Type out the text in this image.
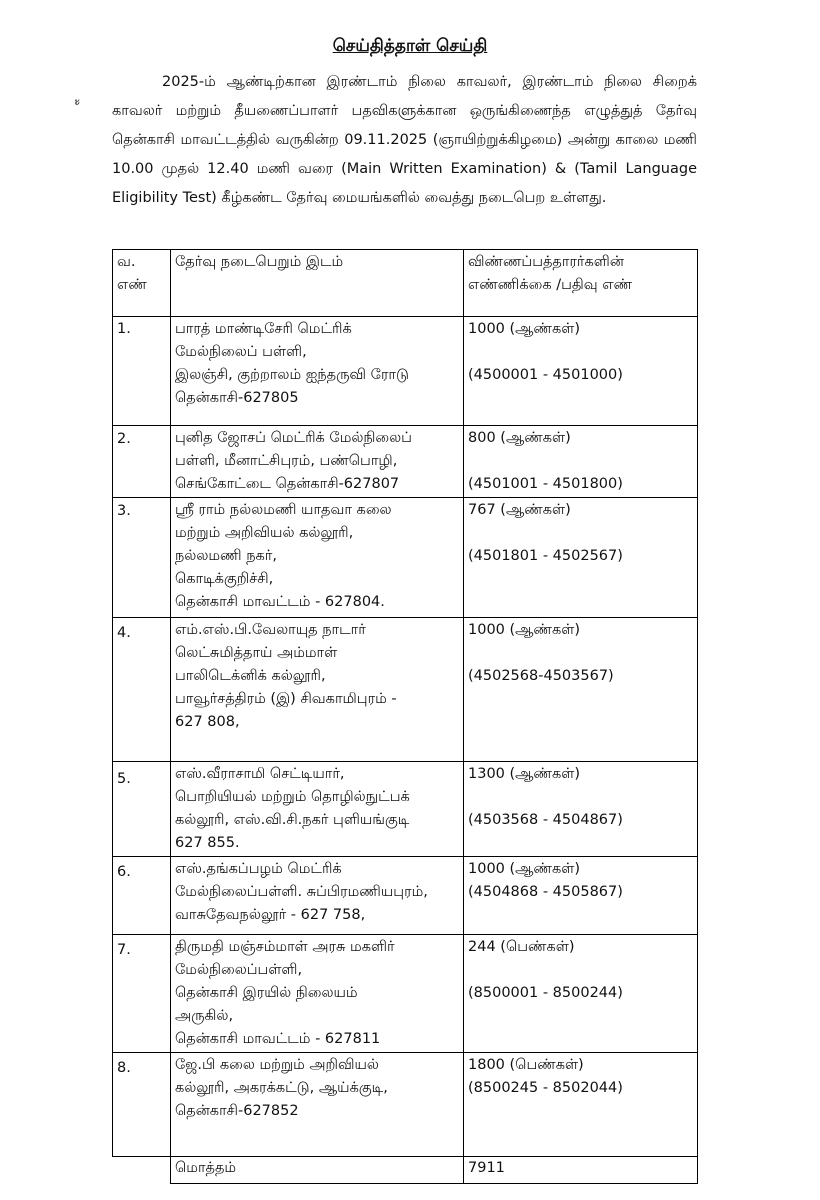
செய்தித்தாள் செய்தி
ะ

2025-ம் ஆண்டிற்கான இரண்டாம் நிலை காவலர், இரண்டாம் நிலை சிறைக் காவலர் மற்றும் தீயணைப்பாளர் பதவிகளுக்கான ஒருங்கிணைந்த எழுத்துத் தேர்வு தென்காசி மாவட்டத்தில் வருகின்ற 09.11.2025 (ஞாயிற்றுக்கிழமை) அன்று காலை மணி 10.00 முதல் 12.40 மணி வரை (Main Written Examination) & (Tamil Language Eligibility Test) கீழ்கண்ட தேர்வு மையங்களில் வைத்து நடைபெற உள்ளது.

வ.
எண்	தேர்வு நடைபெறும் இடம்	விண்ணப்பத்தாரர்களின்
எண்ணிக்கை /பதிவு எண்

1.	பாரத் மாண்டிசேரி மெட்ரிக்
மேல்நிலைப் பள்ளி,
இலஞ்சி, குற்றாலம் ஐந்தருவி ரோடு
தென்காசி-627805	1000 (ஆண்கள்)
(4500001 - 4501000)

2.	புனித ஜோசப் மெட்ரிக் மேல்நிலைப்
பள்ளி, மீனாட்சிபுரம், பண்பொழி,
செங்கோட்டை தென்காசி-627807	800 (ஆண்கள்)
(4501001 - 4501800)

3.	ஸ்ரீ ராம் நல்லமணி யாதவா கலை
மற்றும் அறிவியல் கல்லூரி,
நல்லமணி நகர்,
கொடிக்குறிச்சி,
தென்காசி மாவட்டம் - 627804.	767 (ஆண்கள்)
(4501801 - 4502567)

4.	எம்.எஸ்.பி.வேலாயுத நாடார்
லெட்சுமித்தாய் அம்மாள்
பாலிடெக்னிக் கல்லூரி,
பாவூர்சத்திரம் (இ) சிவகாமிபுரம் -
627 808,	1000 (ஆண்கள்)
(4502568-4503567)

5.	எஸ்.வீராசாமி செட்டியார்,
பொறியியல் மற்றும் தொழில்நுட்பக்
கல்லூரி, எஸ்.வி.சி.நகர் புளியங்குடி
627 855.	1300 (ஆண்கள்)
(4503568 - 4504867)

6.	எஸ்.தங்கப்பழம் மெட்ரிக்
மேல்நிலைப்பள்ளி. சுப்பிரமணியபுரம்,
வாசுதேவநல்லூர் - 627 758,	1000 (ஆண்கள்)
(4504868 - 4505867)

7.	திருமதி மஞ்சம்மாள் அரசு மகளிர்
மேல்நிலைப்பள்ளி,
தென்காசி இரயில் நிலையம்
அருகில்,
தென்காசி மாவட்டம் - 627811	244 (பெண்கள்)
(8500001 - 8500244)

8.	ஜே.பி கலை மற்றும் அறிவியல்
கல்லூரி, அகரக்கட்டு, ஆய்க்குடி,
தென்காசி-627852	1800 (பெண்கள்)
(8500245 - 8502044)

	மொத்தம்	7911
